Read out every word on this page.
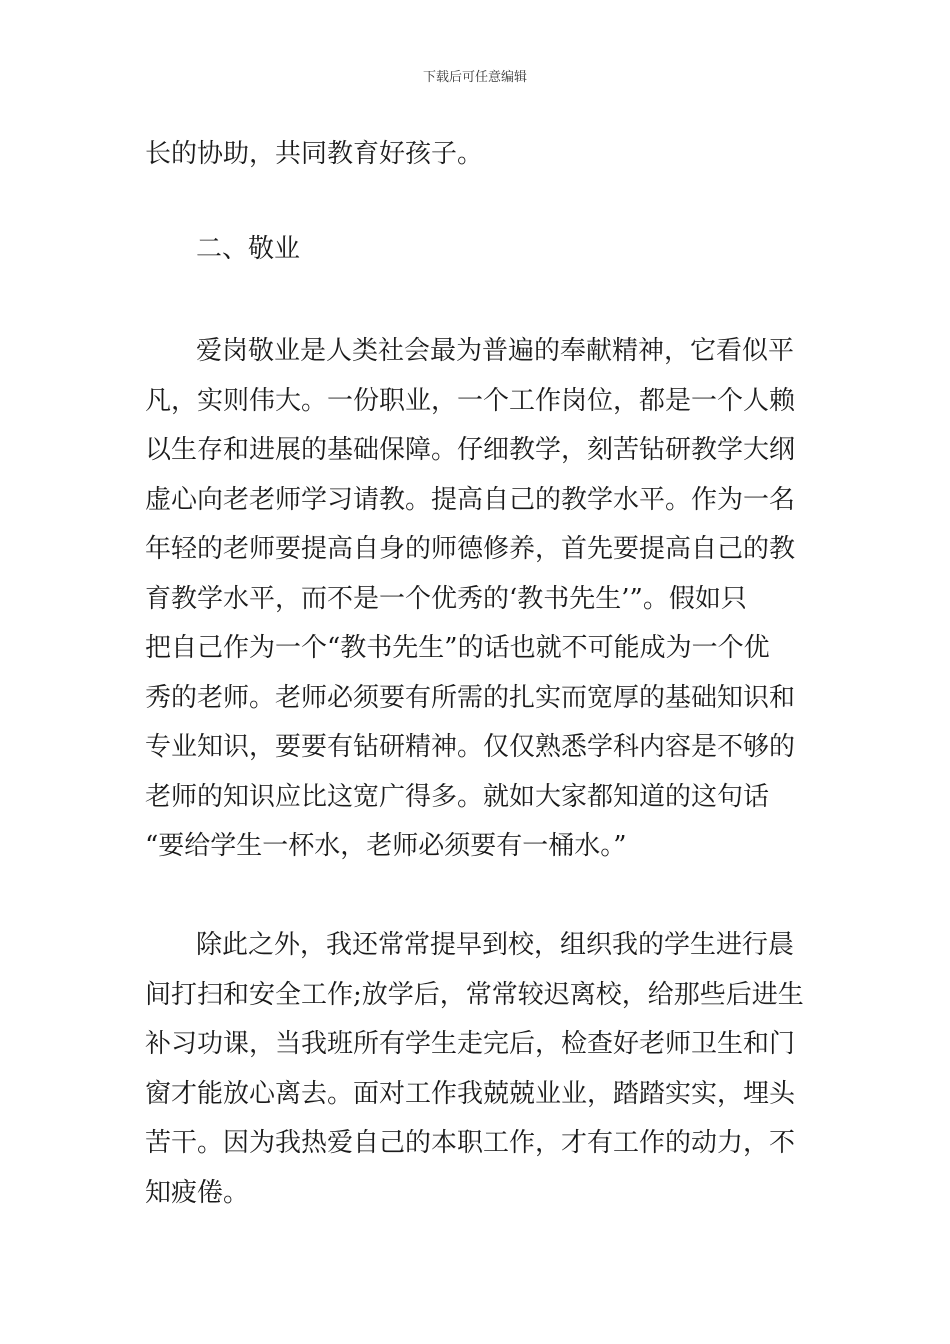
下载后可任意编辑
长的协助，共同教育好孩子。
二、敬业
爱岗敬业是人类社会最为普遍的奉献精神，它看似平
凡，实则伟大。一份职业，一个工作岗位，都是一个人赖
以生存和进展的基础保障。仔细教学，刻苦钻研教学大纲
虚心向老老师学习请教。提高自己的教学水平。作为一名
年轻的老师要提高自身的师德修养，首先要提高自己的教
育教学水平，而不是一个优秀的‘教书先生’”。假如只
把自己作为一个“教书先生”的话也就不可能成为一个优
秀的老师。老师必须要有所需的扎实而宽厚的基础知识和
专业知识，要要有钻研精神。仅仅熟悉学科内容是不够的
老师的知识应比这宽广得多。就如大家都知道的这句话
“要给学生一杯水，老师必须要有一桶水。”
除此之外，我还常常提早到校，组织我的学生进行晨
间打扫和安全工作;放学后，常常较迟离校，给那些后进生
补习功课，当我班所有学生走完后，检查好老师卫生和门
窗才能放心离去。面对工作我兢兢业业，踏踏实实，埋头
苦干。因为我热爱自己的本职工作，才有工作的动力，不
知疲倦。
